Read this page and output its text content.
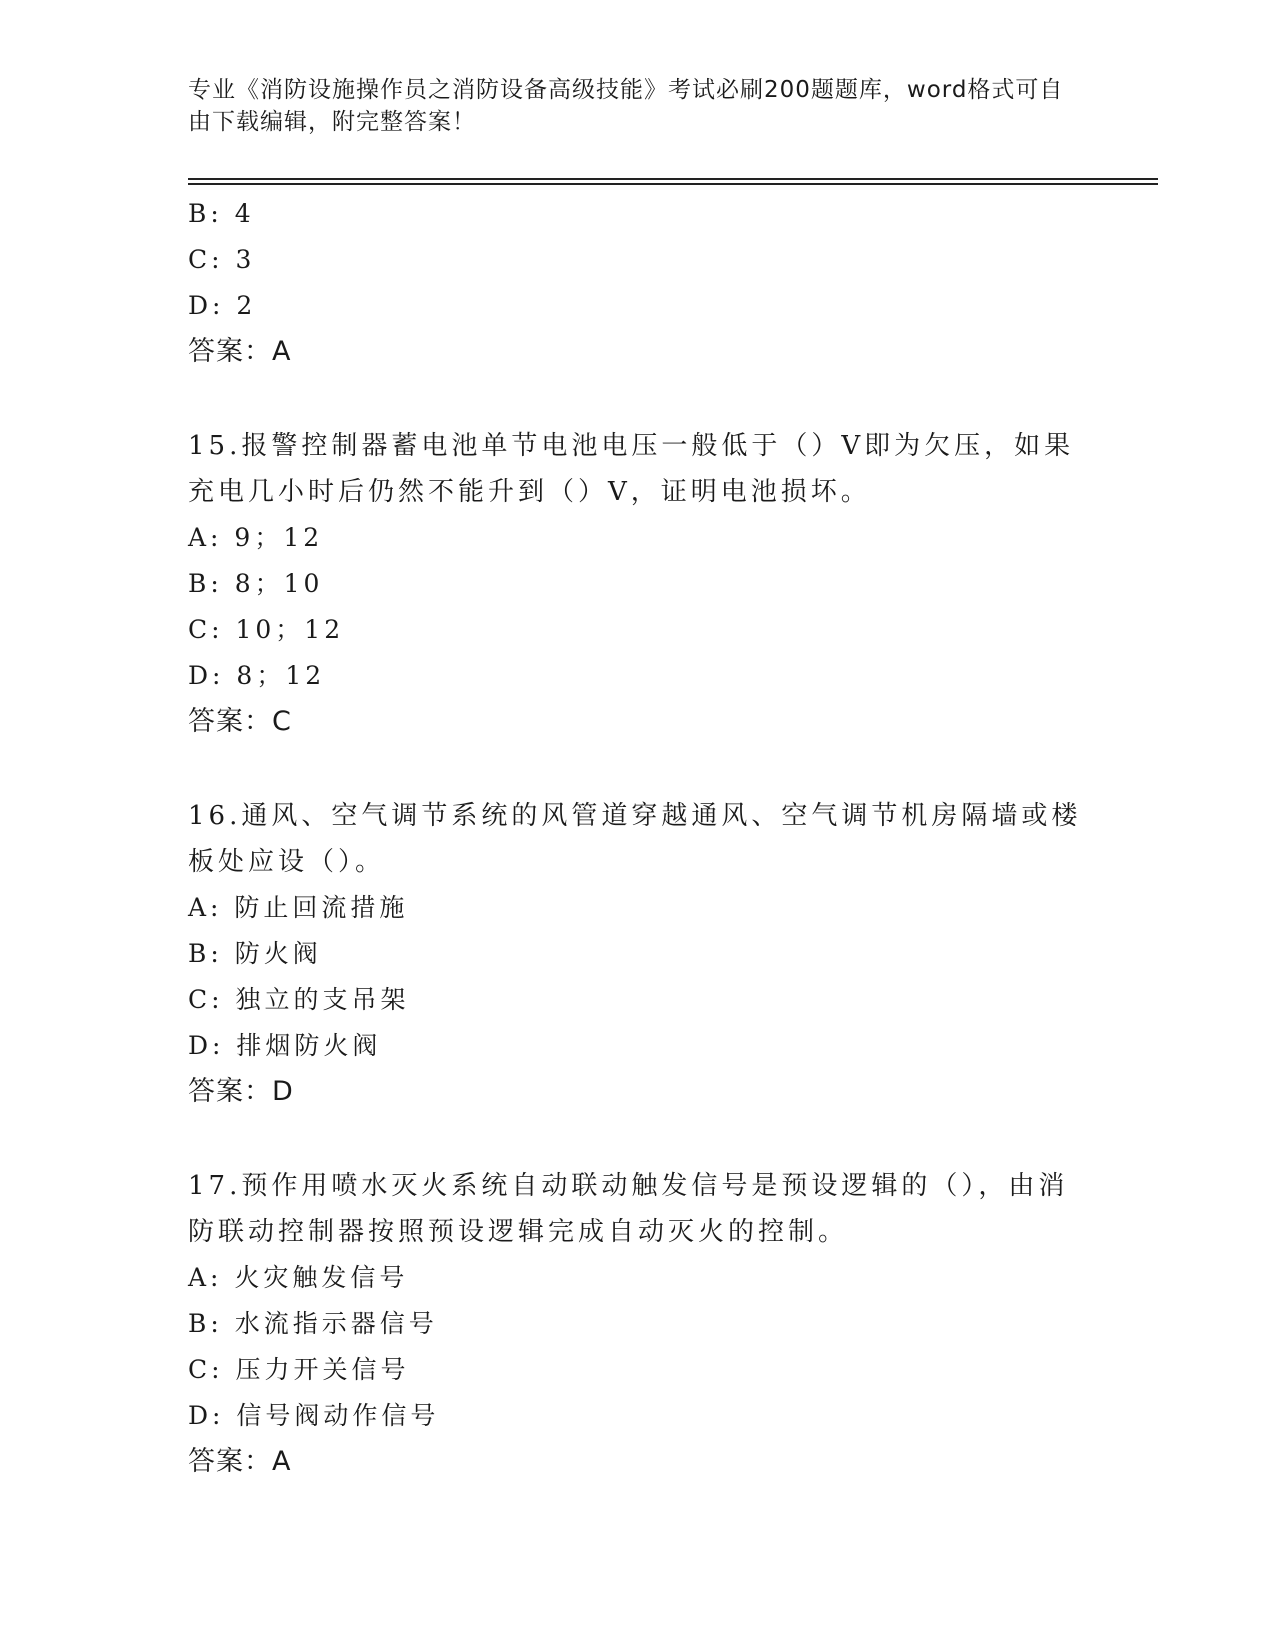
专业《消防设施操作员之消防设备高级技能》考试必刷200题题库，word格式可自由下载编辑，附完整答案！
B: 4
C: 3
D: 2
答案：A
15.报警控制器蓄电池单节电池电压一般低于（）V即为欠压，如果充电几小时后仍然不能升到（）V，证明电池损坏。
A: 9；12
B: 8；10
C: 10；12
D: 8；12
答案：C
16.通风、空气调节系统的风管道穿越通风、空气调节机房隔墙或楼板处应设（）。
A: 防止回流措施
B: 防火阀
C: 独立的支吊架
D: 排烟防火阀
答案：D
17.预作用喷水灭火系统自动联动触发信号是预设逻辑的（），由消防联动控制器按照预设逻辑完成自动灭火的控制。
A: 火灾触发信号
B: 水流指示器信号
C: 压力开关信号
D: 信号阀动作信号
答案：A
